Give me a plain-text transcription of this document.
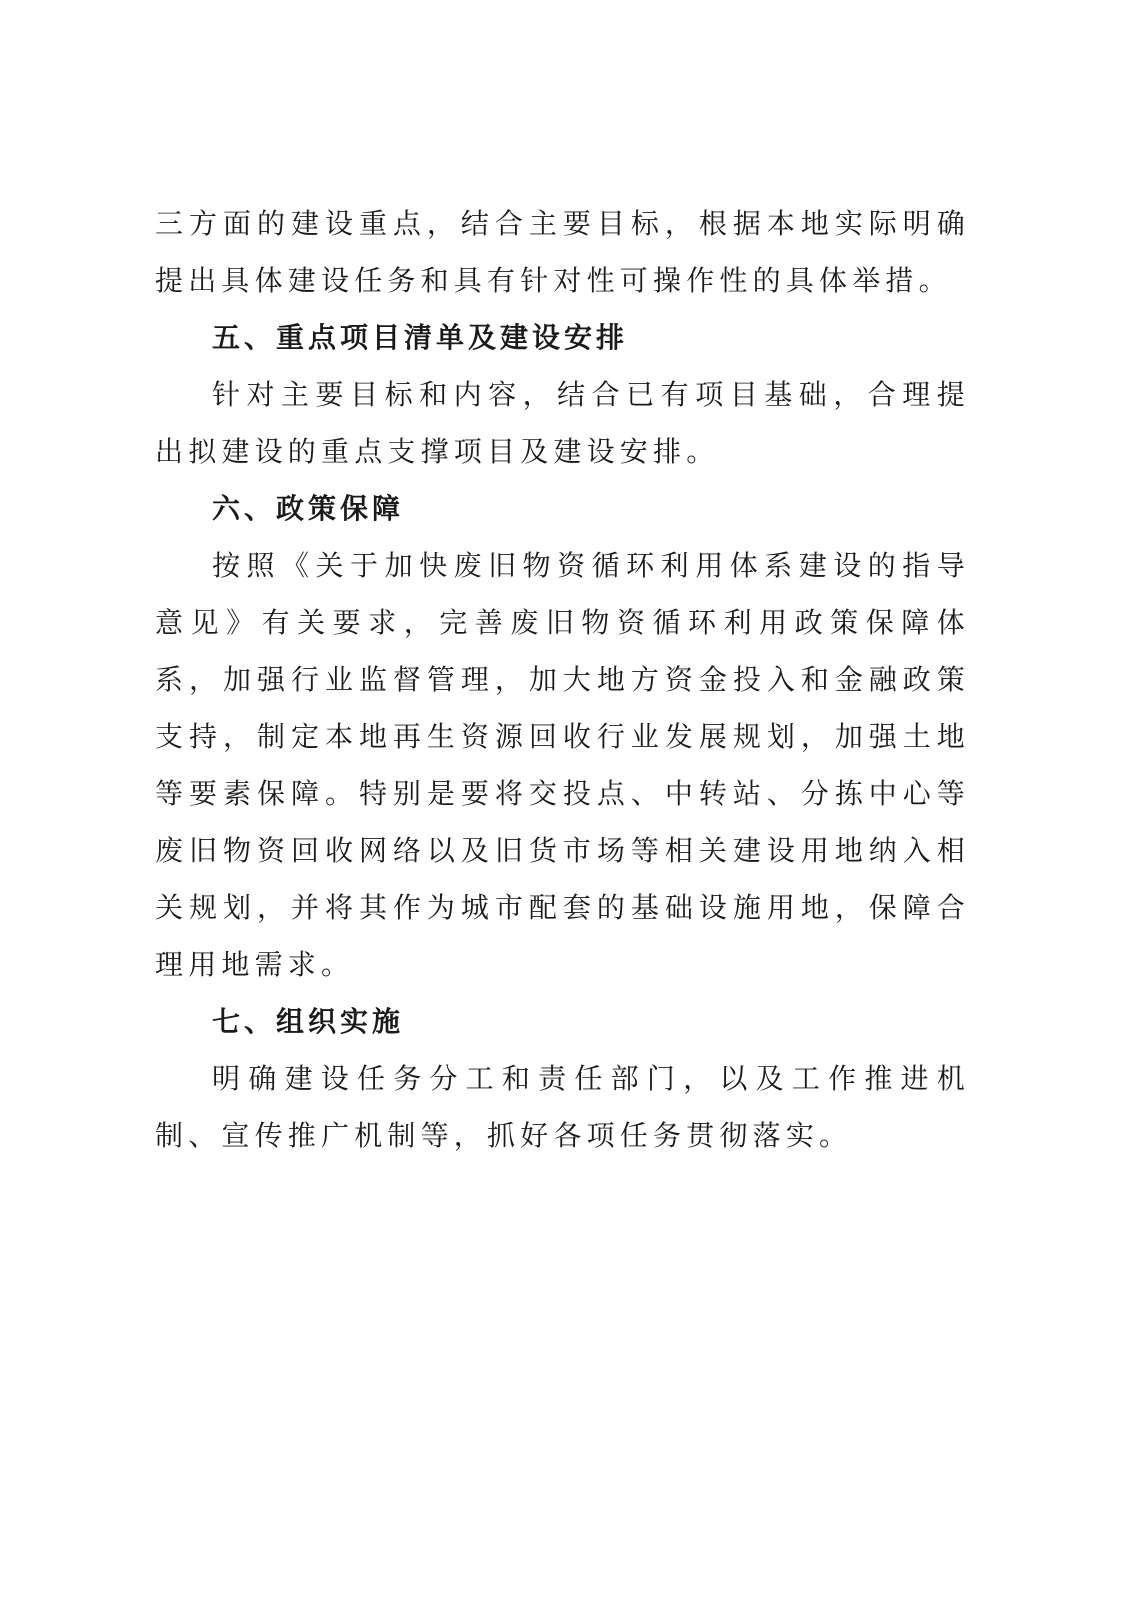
三方面的建设重点，结合主要目标，根据本地实际明确提出具体建设任务和具有针对性可操作性的具体举措。

五、重点项目清单及建设安排

针对主要目标和内容，结合已有项目基础，合理提出拟建设的重点支撑项目及建设安排。

六、政策保障

按照《关于加快废旧物资循环利用体系建设的指导意见》有关要求，完善废旧物资循环利用政策保障体系，加强行业监督管理，加大地方资金投入和金融政策支持，制定本地再生资源回收行业发展规划，加强土地等要素保障。特别是要将交投点、中转站、分拣中心等废旧物资回收网络以及旧货市场等相关建设用地纳入相关规划，并将其作为城市配套的基础设施用地，保障合理用地需求。

七、组织实施

明确建设任务分工和责任部门，以及工作推进机制、宣传推广机制等，抓好各项任务贯彻落实。
